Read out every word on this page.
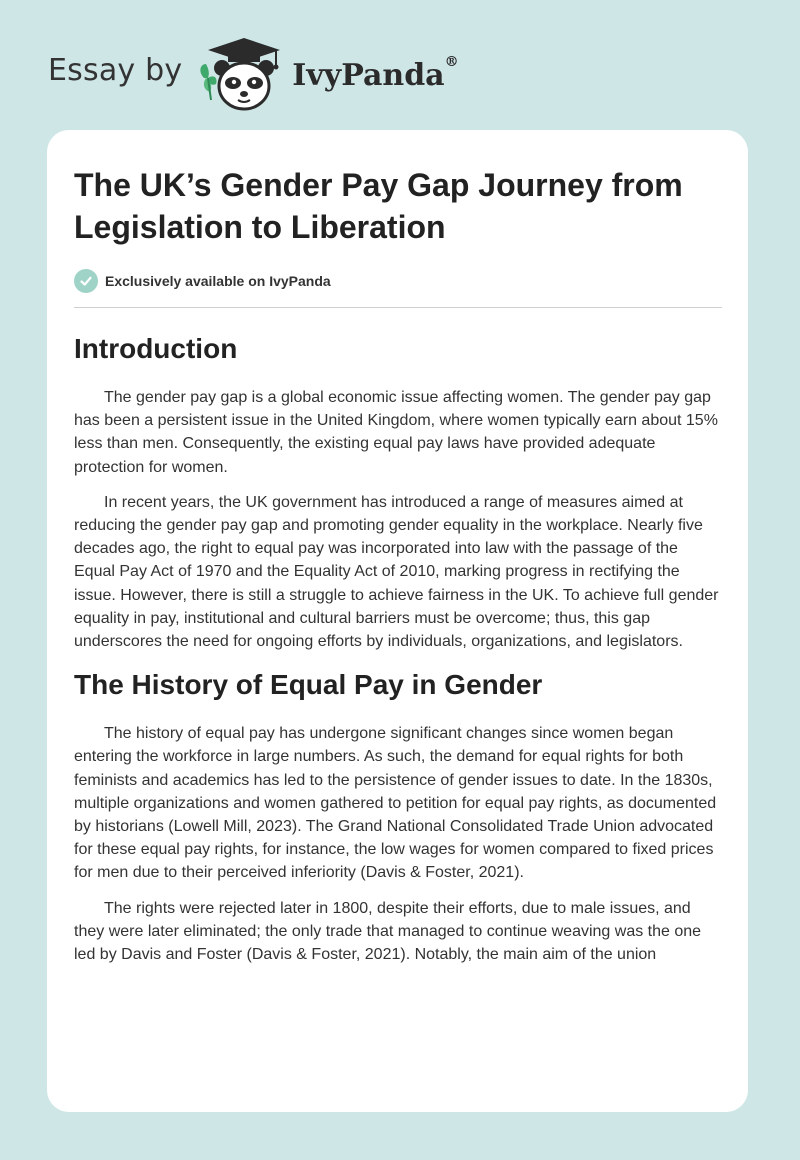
Essay by	IvyPanda®
The UK’s Gender Pay Gap Journey from Legislation to Liberation
Exclusively available on IvyPanda
Introduction

The gender pay gap is a global economic issue affecting women. The gender pay gap has been a persistent issue in the United Kingdom, where women typically earn about 15% less than men. Consequently, the existing equal pay laws have provided adequate protection for women.

In recent years, the UK government has introduced a range of measures aimed at reducing the gender pay gap and promoting gender equality in the workplace. Nearly five decades ago, the right to equal pay was incorporated into law with the passage of the Equal Pay Act of 1970 and the Equality Act of 2010, marking progress in rectifying the issue. However, there is still a struggle to achieve fairness in the UK. To achieve full gender equality in pay, institutional and cultural barriers must be overcome; thus, this gap underscores the need for ongoing efforts by individuals, organizations, and legislators.

The History of Equal Pay in Gender

The history of equal pay has undergone significant changes since women began entering the workforce in large numbers. As such, the demand for equal rights for both feminists and academics has led to the persistence of gender issues to date. In the 1830s, multiple organizations and women gathered to petition for equal pay rights, as documented by historians (Lowell Mill, 2023). The Grand National Consolidated Trade Union advocated for these equal pay rights, for instance, the low wages for women compared to fixed prices for men due to their perceived inferiority (Davis & Foster, 2021).

The rights were rejected later in 1800, despite their efforts, due to male issues, and they were later eliminated; the only trade that managed to continue weaving was the one led by Davis and Foster (Davis & Foster, 2021). Notably, the main aim of the union
